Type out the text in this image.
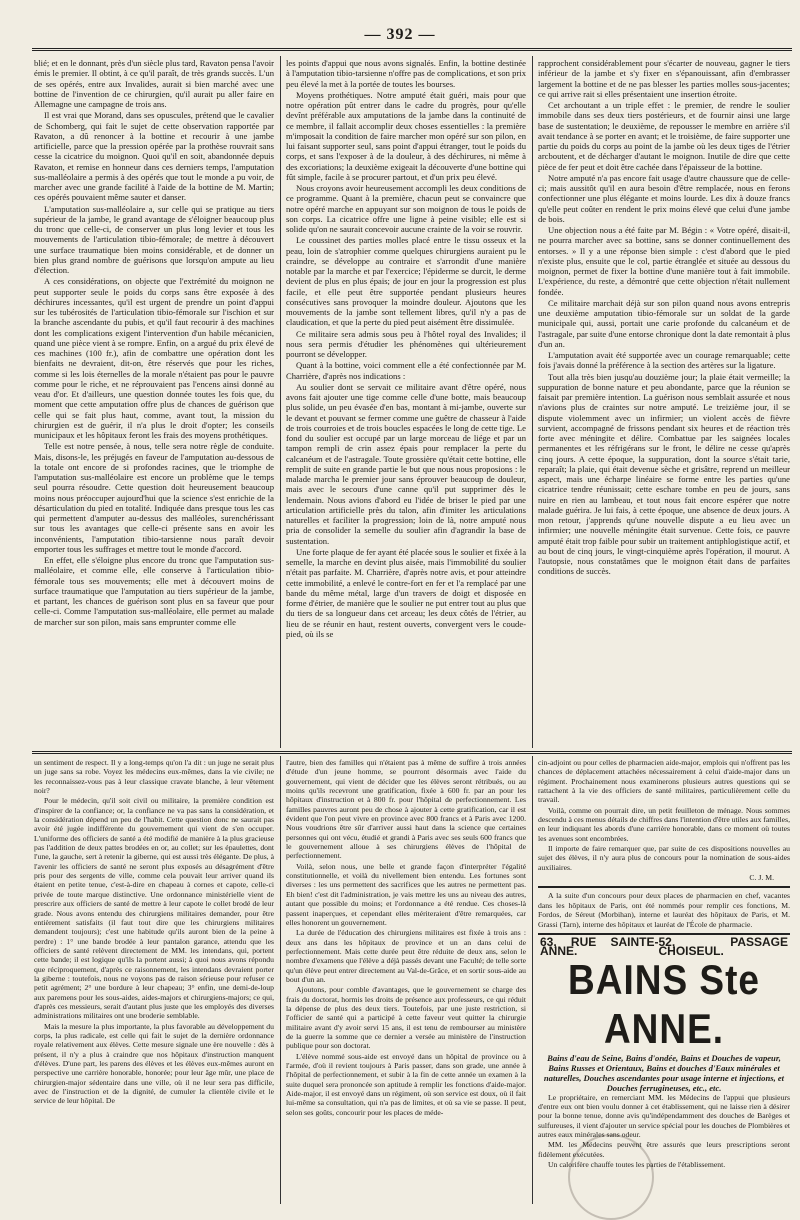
— 392 —

blié; et en le donnant, près d'un siècle plus tard, Ravaton pensa l'avoir émis le premier. Il obtint, à ce qu'il paraît, de très grands succès. L'un de ses opérés, entre aux Invalides, aurait si bien marché avec une bottine de l'invention de ce chirurgien, qu'il aurait pu aller faire en Allemagne une campagne de trois ans.

Il est vrai que Morand, dans ses opuscules, prétend que le cavalier de Schomberg, qui fait le sujet de cette observation rapportée par Ravaton, a dû renoncer à la bottine et recourir à une jambe artificielle, parce que la pression opérée par la prothèse rouvrait sans cesse la cicatrice du moignon. Quoi qu'il en soit, abandonnée depuis Ravaton, et remise en honneur dans ces derniers temps, l'amputation sus-malléolaire a permis à des opérés que tout le monde a pu voir, de marcher avec une grande facilité à l'aide de la bottine de M. Martin; ces opérés pouvaient même sauter et danser.

L'amputation sus-malléolaire a, sur celle qui se pratique au tiers supérieur de la jambe, le grand avantage de s'éloigner beaucoup plus du tronc que celle-ci, de conserver un plus long levier et tous les mouvements de l'articulation tibio-fémorale; de mettre à découvert une surface traumatique bien moins considérable, et de donner un bien plus grand nombre de guérisons que lorsqu'on ampute au lieu d'élection.

A ces considérations, on objecte que l'extrémité du moignon ne peut supporter seule le poids du corps sans être exposée à des déchirures incessantes, qu'il est urgent de prendre un point d'appui sur les tubérosités de l'articulation tibio-fémorale sur l'ischion et sur la branche ascendante du pubis, et qu'il faut recourir à des machines dont les complications exigent l'intervention d'un habile mécanicien, quand une pièce vient à se rompre. Enfin, on a argué du prix élevé de ces machines (100 fr.), afin de combattre une opération dont les bienfaits ne devraient, dit-on, être réservés que pour les riches, comme si les lois éternelles de la morale n'étaient pas pour le pauvre comme pour le riche, et ne réprouvaient pas l'encens ainsi donné au veau d'or. Et d'ailleurs, une question donnée toutes les fois que, du moment que cette amputation offre plus de chances de guérison que celle qui se fait plus haut, comme, avant tout, la mission du chirurgien est de guérir, il n'a plus le droit d'opter; les conseils municipaux et les hôpitaux feront les frais des moyens prothétiques.

Telle est notre pensée, à nous, telle sera notre règle de conduite. Mais, disons-le, les préjugés en faveur de l'amputation au-dessous de la totale ont encore de si profondes racines, que le triomphe de l'amputation sus-malléolaire est encore un problème que le temps seul pourra résoudre. Cette question doit heureusement beaucoup moins nous préoccuper aujourd'hui que la science s'est enrichie de la désarticulation du pied en totalité. Indiquée dans presque tous les cas qui permettent d'amputer au-dessus des malléoles, surenchérissant sur tous les avantages que celle-ci présente sans en avoir les inconvénients, l'amputation tibio-tarsienne nous paraît devoir emporter tous les suffrages et mettre tout le monde d'accord.

En effet, elle s'éloigne plus encore du tronc que l'amputation sus-malléolaire, et comme elle, elle conserve à l'articulation tibio-fémorale tous ses mouvements; elle met à découvert moins de surface traumatique que l'amputation au tiers supérieur de la jambe, et partant, les chances de guérison sont plus en sa faveur que pour celle-ci. Comme l'amputation sus-malléolaire, elle permet au malade de marcher sur son pilon, mais sans emprunter comme elle

les points d'appui que nous avons signalés. Enfin, la bottine destinée à l'amputation tibio-tarsienne n'offre pas de complications, et son prix peu élevé la met à la portée de toutes les bourses.

Moyens prothétiques. Notre amputé était guéri, mais pour que notre opération pût entrer dans le cadre du progrès, pour qu'elle devînt préférable aux amputations de la jambe dans la continuité de ce membre, il fallait accomplir deux choses essentielles : la première m'imposait la condition de faire marcher mon opéré sur son pilon, en lui faisant supporter seul, sans point d'appui étranger, tout le poids du corps, et sans l'exposer à de la douleur, à des déchirures, ni même à des excoriations; la deuxième exigeait la découverte d'une bottine qui fût simple, facile à se procurer partout, et d'un prix peu élevé.

Nous croyons avoir heureusement accompli les deux conditions de ce programme. Quant à la première, chacun peut se convaincre que notre opéré marche en appuyant sur son moignon de tous le poids de son corps. La cicatrice offre une ligne à peine visible; elle est si solide qu'on ne saurait concevoir aucune crainte de la voir se rouvrir.

Le coussinet des parties molles placé entre le tissu osseux et la peau, loin de s'atrophier comme quelques chirurgiens auraient pu le craindre, se développe au contraire et s'arrondit d'une manière notable par la marche et par l'exercice; l'épiderme se durcit, le derme devient de plus en plus épais; de jour en jour la progression est plus facile, et elle peut être supportée pendant plusieurs heures consécutives sans provoquer la moindre douleur. Ajoutons que les mouvements de la jambe sont tellement libres, qu'il n'y a pas de claudication, et que la perte du pied peut aisément être dissimulée.

Ce militaire sera admis sous peu à l'hôtel royal des Invalides; il nous sera permis d'étudier les phénomènes qui ultérieurement pourront se développer.

Quant à la bottine, voici comment elle a été confectionnée par M. Charrière, d'après nos indications :

Au soulier dont se servait ce militaire avant d'être opéré, nous avons fait ajouter une tige comme celle d'une botte, mais beaucoup plus solide, un peu évasée d'en bas, montant à mi-jambe, ouverte sur le devant et pouvant se fermer comme une guêtre de chasseur à l'aide de trois courroies et de trois boucles espacées le long de cette tige. Le fond du soulier est occupé par un large morceau de liége et par un tampon rempli de crin assez épais pour remplacer la perte du calcanéum et de l'astragale. Toute grossière qu'était cette bottine, elle remplit de suite en grande partie le but que nous nous proposions : le malade marcha le premier jour sans éprouver beaucoup de douleur, mais avec le secours d'une canne qu'il put supprimer dès le lendemain. Nous avions d'abord eu l'idée de briser le pied par une articulation artificielle près du talon, afin d'imiter les articulations naturelles et faciliter la progression; loin de là, notre amputé nous pria de consolider la semelle du soulier afin d'agrandir la base de sustentation.

Une forte plaque de fer ayant été placée sous le soulier et fixée à la semelle, la marche en devint plus aisée, mais l'immobilité du soulier n'était pas parfaite. M. Charrière, d'après notre avis, et pour atteindre cette immobilité, a enlevé le contre-fort en fer et l'a remplacé par une bande du même métal, large d'un travers de doigt et disposée en forme d'étrier, de manière que le soulier ne put entrer tout au plus que du tiers de sa longueur dans cet arceau; les deux côtés de l'étrier, au lieu de se réunir en haut, restent ouverts, convergent vers le coude-pied, où ils se

rapprochent considérablement pour s'écarter de nouveau, gagner le tiers inférieur de la jambe et s'y fixer en s'épanouissant, afin d'embrasser largement la bottine et de ne pas blesser les parties molles sous-jacentes; ce qui arrive rait si elles présentaient une insertion étroite.

Cet archoutant a un triple effet : le premier, de rendre le soulier immobile dans ses deux tiers postérieurs, et de fournir ainsi une large base de sustentation; le deuxième, de repousser le membre en arrière s'il avait tendance à se porter en avant; et le troisième, de faire supporter une partie du poids du corps au point de la jambe où les deux tiges de l'étrier arcboutent, et de décharger d'autant le moignon. Inutile de dire que cette pièce de fer peut et doit être cachée dans l'épaisseur de la bottine.

Notre amputé n'a pas encore fait usage d'autre chaussure que de celle-ci; mais aussitôt qu'il en aura besoin d'être remplacée, nous en ferons confectionner une plus élégante et moins lourde. Les dix à douze francs qu'elle peut coûter en rendent le prix moins élevé que celui d'une jambe de bois.

Une objection nous a été faite par M. Bégin : « Votre opéré, disait-il, ne pourra marcher avec sa bottine, sans se donner continuellement des entorses. » Il y a une réponse bien simple : c'est d'abord que le pied n'existe plus, ensuite que le col, partie étranglée et située au dessous du moignon, permet de fixer la bottine d'une manière tout à fait immobile. L'expérience, du reste, a démontré que cette objection n'était nullement fondée.

Ce militaire marchait déjà sur son pilon quand nous avons entrepris une deuxième amputation tibio-fémorale sur un soldat de la garde municipale qui, aussi, portait une carie profonde du calcanéum et de l'astragale, par suite d'une entorse chronique dont la date remontait à plus d'un an.

L'amputation avait été supportée avec un courage remarquable; cette fois j'avais donné la préférence à la section des artères sur la ligature.

Tout alla très bien jusqu'au douzième jour; la plaie était vermeille; la suppuration de bonne nature et peu abondante, parce que la réunion se faisait par première intention. La guérison nous semblait assurée et nous n'avions plus de craintes sur notre amputé. Le treizième jour, il se dispute violemment avec un infirmier; un violent accès de fièvre survient, accompagné de frissons pendant six heures et de réaction très forte avec méningite et délire. Combattue par les saignées locales permanentes et les réfrigérans sur le front, le délire ne cesse qu'après cinq jours. A cette époque, la suppuration, dont la source s'était tarie, reparaît; la plaie, qui était devenue sèche et grisâtre, reprend un meilleur aspect, mais une écharpe linéaire se forme entre les parties qu'une cicatrice tendre réunissait; cette eschare tombe en peu de jours, sans nuire en rien au lambeau, et tout nous fait encore espérer que notre malade guérira. Je lui fais, à cette époque, une absence de deux jours. A mon retour, j'apprends qu'une nouvelle dispute a eu lieu avec un infirmier; une nouvelle méningite était survenue. Cette fois, ce pauvre amputé était trop faible pour subir un traitement antiphlogistique actif, et au bout de cinq jours, le vingt-cinquième après l'opération, il mourut. A l'autopsie, nous constatâmes que le moignon était dans de parfaites conditions de succès.

un sentiment de respect. Il y a long-temps qu'on l'a dit : un juge ne serait plus un juge sans sa robe. Voyez les médecins eux-mêmes, dans la vie civile; ne les reconnaissez-vous pas à leur classique cravate blanche, à leur vêtement noir?

Pour le médecin, qu'il soit civil ou militaire, la première condition est d'inspirer de la confiance; or, la confiance ne va pas sans la considération, et la considération dépend un peu de l'habit. Cette question donc ne saurait pas avoir été jugée indifférente du gouvernement qui vient de s'en occuper. L'uniforme des officiers de santé a été modifié de manière à la plus gracieuse pas l'addition de deux pattes brodées en or, au collet; sur les épaulettes, dont l'une, la gauche, sert à retenir la giberne, qui est aussi très élégante. De plus, à l'avenir les officiers de santé ne seront plus exposés au désagrément d'être pris pour des sergents de ville, comme cela pouvait leur arriver quand ils étaient en petite tenue, c'est-à-dire en chapeau à cornes et capote, celle-ci privée de toute marque distinctive. Une ordonnance ministérielle vient de prescrire aux officiers de santé de mettre à leur capote le collet brodé de leur grade. Nous avons entendu des chirurgiens militaires demander, pour être entièrement satisfaits (il faut tout dire que les chirurgiens militaires demandent toujours); c'est une habitude qu'ils auront bien de la peine à perdre) : 1° une bande brodée à leur pantalon garance, attendu que les officiers de santé relèvent directement de MM. les intendans, qui, portent cette bande; il est logique qu'ils la portent aussi; à quoi nous avons répondu que réciproquement, d'après ce raisonnement, les intendans devraient porter la giberne : toutefois, nous ne voyons pas de raison sérieuse pour refuser ce petit agrément; 2° une bordure à leur chapeau; 3° enfin, une demi-de-loup aux paremens pour les sous-aides, aides-majors et chirurgiens-majors; ce qui, d'après ces messieurs, serait d'autant plus juste que les employés des diverses administrations militaires ont une broderie semblable.

Mais la mesure la plus importante, la plus favorable au développement du corps, la plus radicale, est celle qui fait le sujet de la dernière ordonnance royale relativement aux élèves. Cette mesure signale une ère nouvelle : dès à présent, il n'y a plus à craindre que nos hôpitaux d'instruction manquent d'élèves. D'une part, les parens des élèves et les élèves eux-mêmes auront en perspective une carrière honorable, honorée; pour leur âge mûr, une place de chirurgien-major sédentaire dans une ville, où il ne leur sera pas difficile, avec de l'instruction et de la dignité, de cumuler la clientèle civile et le service de leur hôpital. De

l'autre, bien des familles qui n'étaient pas à même de suffire à trois années d'étude d'un jeune homme, se pourront désormais avec l'aide du gouvernement, qui vient de décider que les élèves seront rétribués, ou au moins qu'ils recevront une gratification, fixée à 600 fr. par an pour les hôpitaux d'instruction et à 800 fr. pour l'hôpital de perfectionnement. Les familles pauvres auront peu de chose à ajouter à cette gratification, car il est évident que l'on peut vivre en province avec 800 francs et à Paris avec 1200. Nous voudrions être sûr d'arriver aussi haut dans la science que certaines personnes qui ont vécu, étudié et grandi à Paris avec ses seuls 600 francs que le gouvernement alloue à ses chirurgiens élèves de l'hôpital de perfectionnement.

Voilà, selon nous, une belle et grande façon d'interpréter l'égalité constitutionnelle, et voilà du nivellement bien entendu. Les fortunes sont diverses : les uns permettent des sacrifices que les autres ne permettent pas. Eh bien! c'est dit l'administration, je vais mettre les uns au niveau des autres, autant que possible du moins; et l'ordonnance a été rendue. Ces choses-là passent inaperçues, et cependant elles mériteraient d'être remarquées, car elles honorent un gouvernement.

La durée de l'éducation des chirurgiens militaires est fixée à trois ans : deux ans dans les hôpitaux de province et un an dans celui de perfectionnement. Mais cette durée peut être réduite de deux ans, selon le nombre d'examens que l'élève a déjà passés devant une Faculté; de telle sorte qu'un élève peut entrer directement au Val-de-Grâce, et en sortir sous-aide au bout d'un an.

Ajoutons, pour comble d'avantages, que le gouvernement se charge des frais du doctorat, hormis les droits de présence aux professeurs, ce qui réduit la dépense de plus des deux tiers. Toutefois, par une juste restriction, si l'officier de santé qui a participé à cette faveur veut quitter la chirurgie militaire avant d'y avoir servi 15 ans, il est tenu de rembourser au ministère de la guerre la somme que ce dernier a versée au ministère de l'instruction publique pour son doctorat.

L'élève nommé sous-aide est envoyé dans un hôpital de province ou à l'armée, d'où il revient toujours à Paris passer, dans son grade, une année à l'hôpital de perfectionnement, et subir à la fin de cette année un examen à la suite duquel sera prononcée son aptitude à remplir les fonctions d'aide-major. Aide-major, il est envoyé dans un régiment, où son service est doux, où il fait lui-même sa consultation, qui n'a pas de limites, et où sa vie se passe. Il peut, selon ses goûts, concourir pour les places de méde-

cin-adjoint ou pour celles de pharmacien aide-major, emplois qui n'offrent pas les chances de déplacement attachées nécessairement à celui d'aide-major dans un régiment. Prochainement nous examinerons plusieurs autres questions qui se rattachent à la vie des officiers de santé militaires, particulièrement celle du travail.

Voilà, comme on pourrait dire, un petit feuilleton de ménage. Nous sommes descendu à ces menus détails de chiffres dans l'intention d'être utiles aux familles, en leur indiquant les abords d'une carrière honorable, dans ce moment où toutes les avenues sont encombrées.

Il importe de faire remarquer que, par suite de ces dispositions nouvelles au sujet des élèves, il n'y aura plus de concours pour la nomination de sous-aides auxiliaires.

C. J. M.

A la suite d'un concours pour deux places de pharmacien en chef, vacantes dans les hôpitaux de Paris, ont été nommés pour remplir ces fonctions, M. Fordos, de Séreut (Morbihan), interne et lauréat des hôpitaux de Paris, et M. Grassi (Tarn), interne des hôpitaux et lauréat de l'École de pharmacie.

63, RUE SAINTE-ANNE.
52, PASSAGE CHOISEUL.
BAINS Ste ANNE.
Bains d'eau de Seine, Bains d'ondée, Bains et Douches de vapeur, Bains Russes et Orientaux, Bains et douches d'Eaux minérales et naturelles, Douches ascendantes pour usage interne et injections, et Douches ferrugineuses, etc., etc.

Le propriétaire, en remerciant MM. les Médecins de l'appui que plusieurs d'entre eux ont bien voulu donner à cet établissement, qui ne laisse rien à désirer pour la bonne tenue, donne avis qu'indépendamment des douches de Barèges et sulfureuses, il vient d'ajouter un service spécial pour les douches de Plombières et autres eaux minérales sans odeur.

MM. les Médecins peuvent être assurés que leurs prescriptions seront fidèlement exécutées.

Un calorifère chauffe toutes les parties de l'établissement.
